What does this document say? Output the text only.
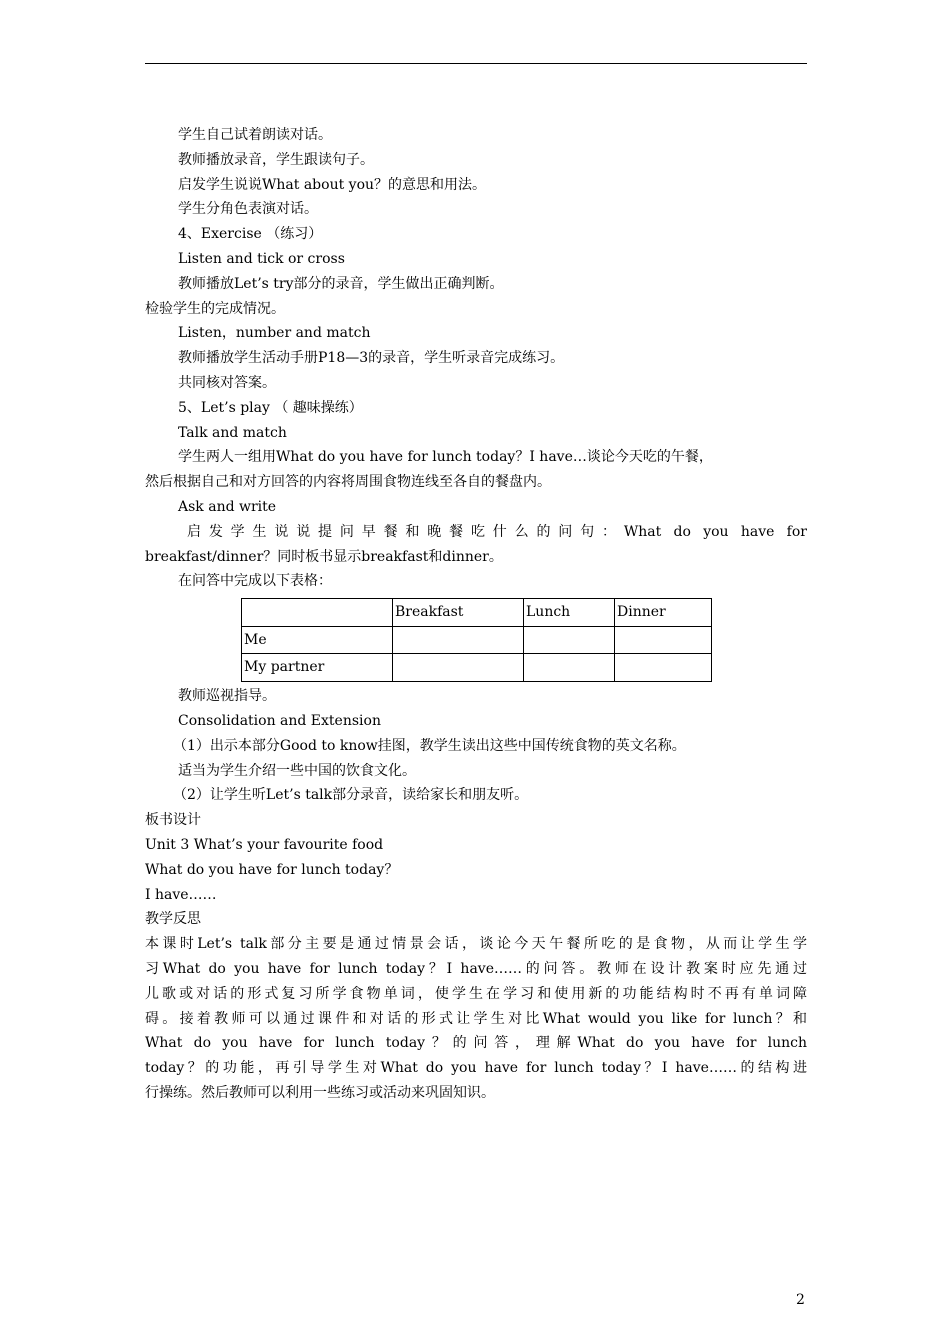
学生自己试着朗读对话。
教师播放录音，学生跟读句子。
启发学生说说What about you？的意思和用法。
学生分角色表演对话。
4、Exercise （练习）
Listen and tick or cross
教师播放Let’s try部分的录音，学生做出正确判断。
检验学生的完成情况。
Listen，number and match
教师播放学生活动手册P18—3的录音，学生听录音完成练习。
共同核对答案。
5、Let’s play （ 趣味操练）
Talk and match
学生两人一组用What do you have for lunch today？I have…谈论今天吃的午餐，
然后根据自己和对方回答的内容将周围食物连线至各自的餐盘内。
Ask and write
启发学生说说提问早餐和晚餐吃什么的问句：What do you have for
breakfast/dinner？同时板书显示breakfast和dinner。
在问答中完成以下表格：
	Breakfast	Lunch	Dinner
Me			
My partner			
教师巡视指导。
Consolidation and Extension
（1）出示本部分Good to know挂图，教学生读出这些中国传统食物的英文名称。
适当为学生介绍一些中国的饮食文化。
（2）让学生听Let’s talk部分录音，读给家长和朋友听。
板书设计
Unit 3 What’s your favourite food
What do you have for lunch today？
I have……
教学反思
本课时Let’s talk部分主要是通过情景会话，谈论今天午餐所吃的是食物，从而让学生学
习What do you have for lunch today？I have……的问答。教师在设计教案时应先通过
儿歌或对话的形式复习所学食物单词，使学生在学习和使用新的功能结构时不再有单词障
碍。接着教师可以通过课件和对话的形式让学生对比What would you like for lunch？和
What do you have for lunch today？的问答，理解What do you have for lunch
today？的功能，再引导学生对What do you have for lunch today？I have……的结构进
行操练。然后教师可以利用一些练习或活动来巩固知识。
2
